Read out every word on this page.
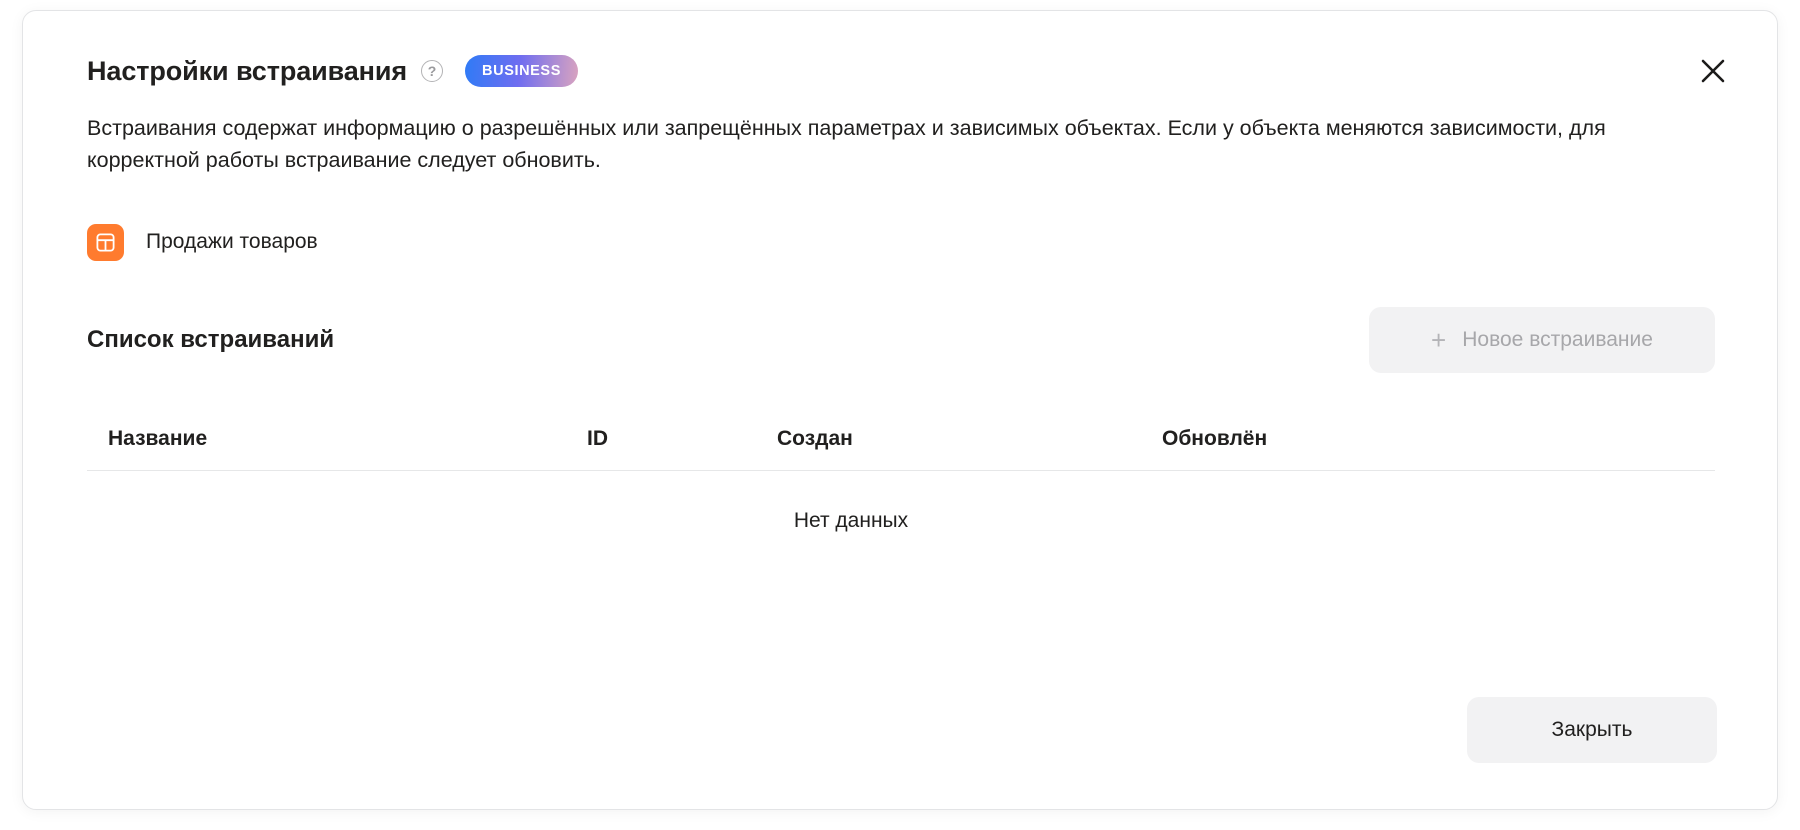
Настройки встраивания	?	BUSINESS
Встраивания содержат информацию о разрешённых или запрещённых параметрах и зависимых объектах. Если у объекта меняются зависимости, для корректной работы встраивание следует обновить.
Продажи товаров
Список встраиваний	+ Новое встраивание
Название	ID	Создан	Обновлён
Нет данных
Закрыть
